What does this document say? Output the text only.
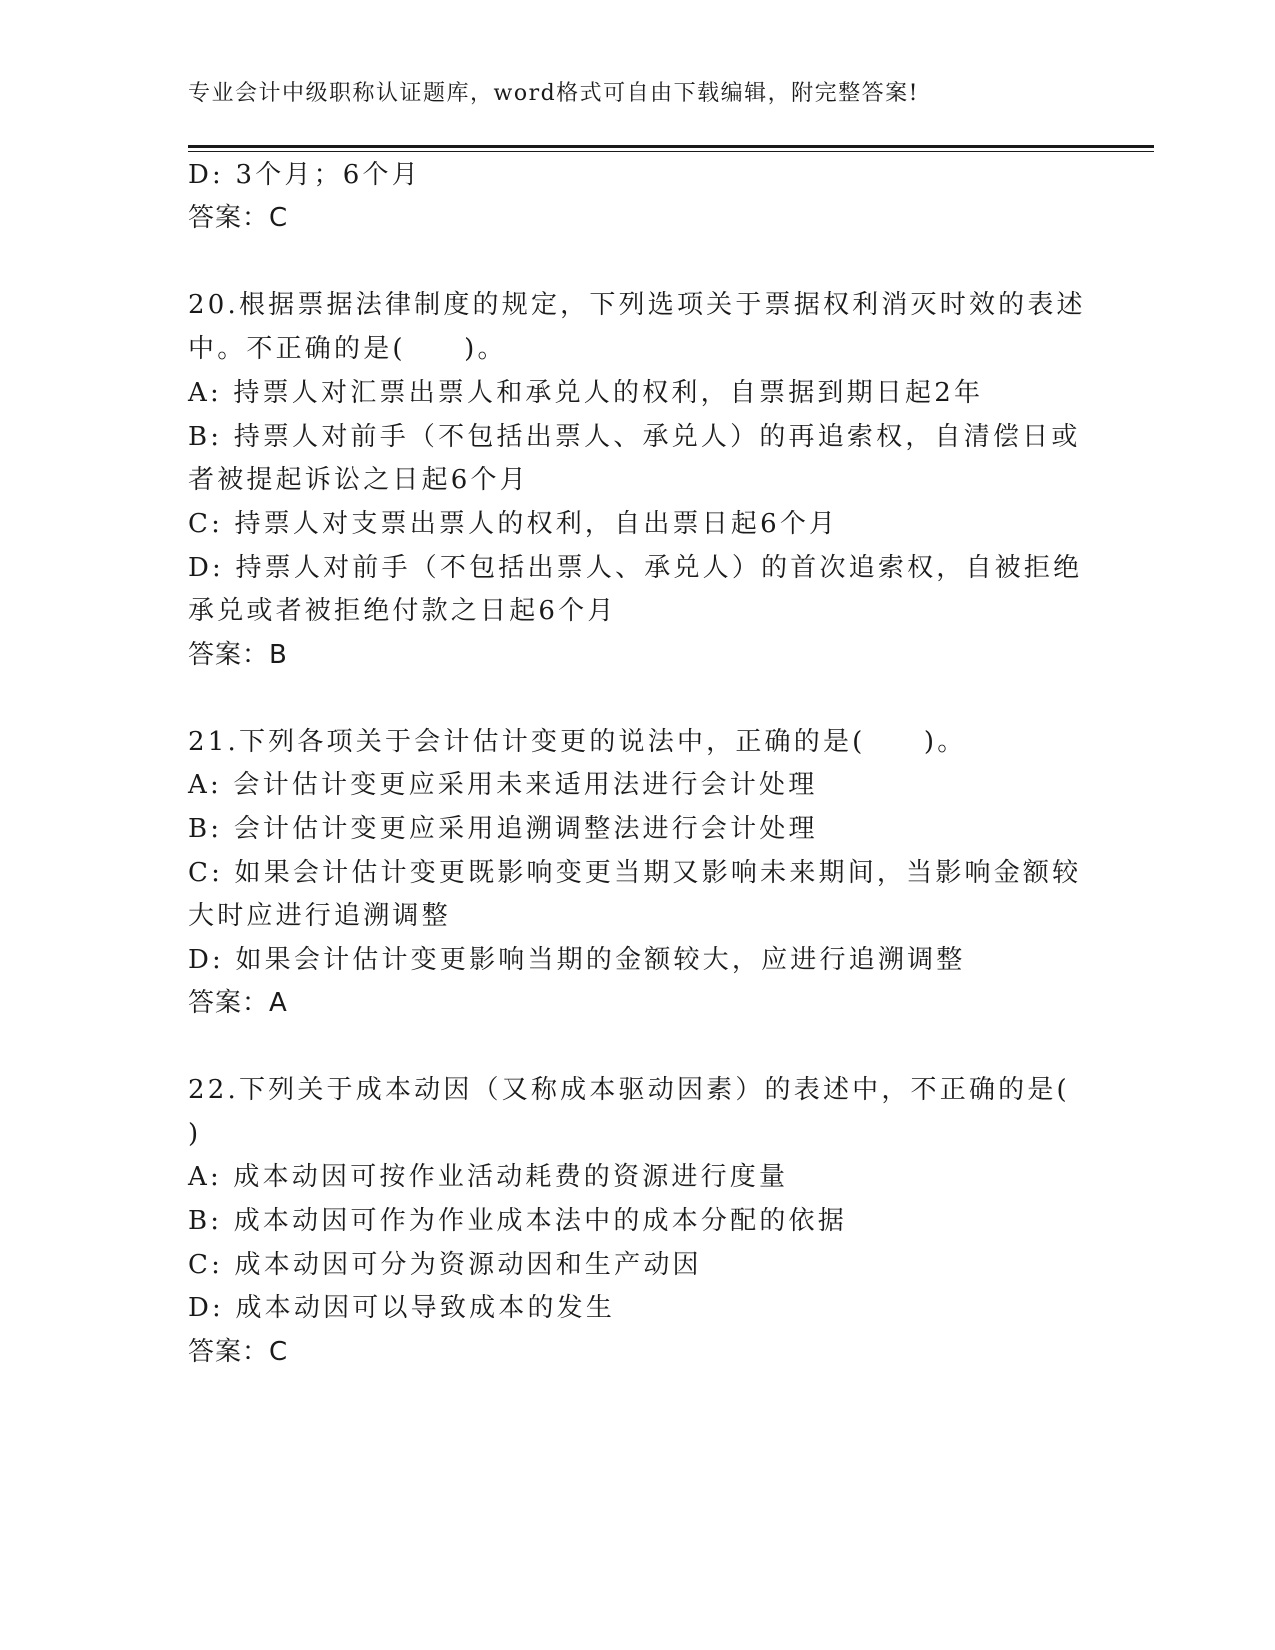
专业会计中级职称认证题库，word格式可自由下载编辑，附完整答案!
D: 3个月；6个月
答案：C
20.根据票据法律制度的规定，下列选项关于票据权利消灭时效的表述
中。不正确的是(　　)。
A: 持票人对汇票出票人和承兑人的权利，自票据到期日起2年
B: 持票人对前手（不包括出票人、承兑人）的再追索权，自清偿日或
者被提起诉讼之日起6个月
C: 持票人对支票出票人的权利，自出票日起6个月
D: 持票人对前手（不包括出票人、承兑人）的首次追索权，自被拒绝
承兑或者被拒绝付款之日起6个月
答案：B
21.下列各项关于会计估计变更的说法中，正确的是(　　)。
A: 会计估计变更应采用未来适用法进行会计处理
B: 会计估计变更应采用追溯调整法进行会计处理
C: 如果会计估计变更既影响变更当期又影响未来期间，当影响金额较
大时应进行追溯调整
D: 如果会计估计变更影响当期的金额较大，应进行追溯调整
答案：A
22.下列关于成本动因（又称成本驱动因素）的表述中，不正确的是(
)
A: 成本动因可按作业活动耗费的资源进行度量
B: 成本动因可作为作业成本法中的成本分配的依据
C: 成本动因可分为资源动因和生产动因
D: 成本动因可以导致成本的发生
答案：C
